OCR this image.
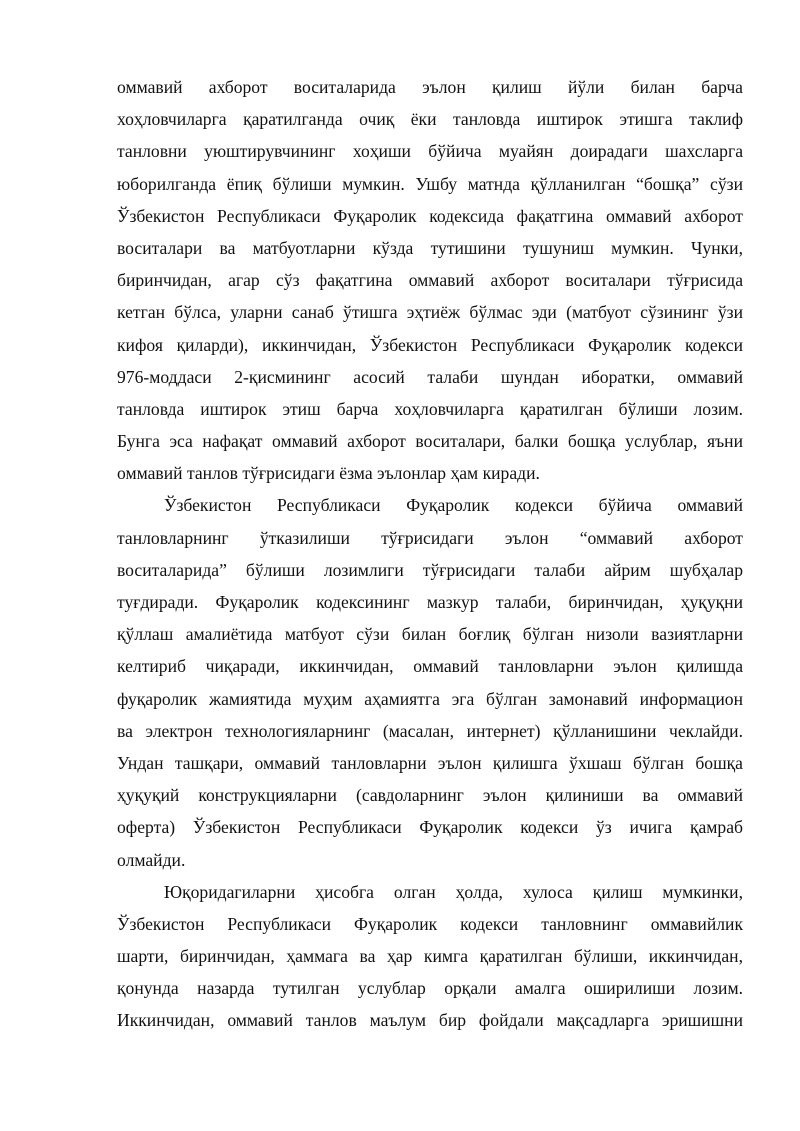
оммавий ахборот воситаларида эълон қилиш йўли билан барча
хоҳловчиларга қаратилганда очиқ ёки танловда иштирок этишга таклиф
танловни уюштирувчининг хоҳиши бўйича муайян доирадаги шахсларга
юборилганда ёпиқ бўлиши мумкин. Ушбу матнда қўлланилган “бошқа” сўзи
Ўзбекистон Республикаси Фуқаролик кодексида фақатгина оммавий ахборот
воситалари ва матбуотларни кўзда тутишини тушуниш мумкин. Чунки,
биринчидан, агар сўз фақатгина оммавий ахборот воситалари тўғрисида
кетган бўлса, уларни санаб ўтишга эҳтиёж бўлмас эди (матбуот сўзининг ўзи
кифоя қиларди), иккинчидан, Ўзбекистон Республикаси Фуқаролик кодекси
976-моддаси 2-қисмининг асосий талаби шундан иборатки, оммавий
танловда иштирок этиш барча хоҳловчиларга қаратилган бўлиши лозим.
Бунга эса нафақат оммавий ахборот воситалари, балки бошқа услублар, яъни
оммавий танлов тўғрисидаги ёзма эълонлар ҳам киради.
Ўзбекистон Республикаси Фуқаролик кодекси бўйича оммавий
танловларнинг ўтказилиши тўғрисидаги эълон “оммавий ахборот
воситаларида” бўлиши лозимлиги тўғрисидаги талаби айрим шубҳалар
туғдиради. Фуқаролик кодексининг мазкур талаби, биринчидан, ҳуқуқни
қўллаш амалиётида матбуот сўзи билан боғлиқ бўлган низоли вазиятларни
келтириб чиқаради, иккинчидан, оммавий танловларни эълон қилишда
фуқаролик жамиятида муҳим аҳамиятга эга бўлган замонавий информацион
ва электрон технологияларнинг (масалан, интернет) қўлланишини чеклайди.
Ундан ташқари, оммавий танловларни эълон қилишга ўхшаш бўлган бошқа
ҳуқуқий конструкцияларни (савдоларнинг эълон қилиниши ва оммавий
оферта) Ўзбекистон Республикаси Фуқаролик кодекси ўз ичига қамраб
олмайди.
Юқоридагиларни ҳисобга олган ҳолда, хулоса қилиш мумкинки,
Ўзбекистон Республикаси Фуқаролик кодекси танловнинг оммавийлик
шарти, биринчидан, ҳаммага ва ҳар кимга қаратилган бўлиши, иккинчидан,
қонунда назарда тутилган услублар орқали амалга оширилиши лозим.
Иккинчидан, оммавий танлов маълум бир фойдали мақсадларга эришишни
